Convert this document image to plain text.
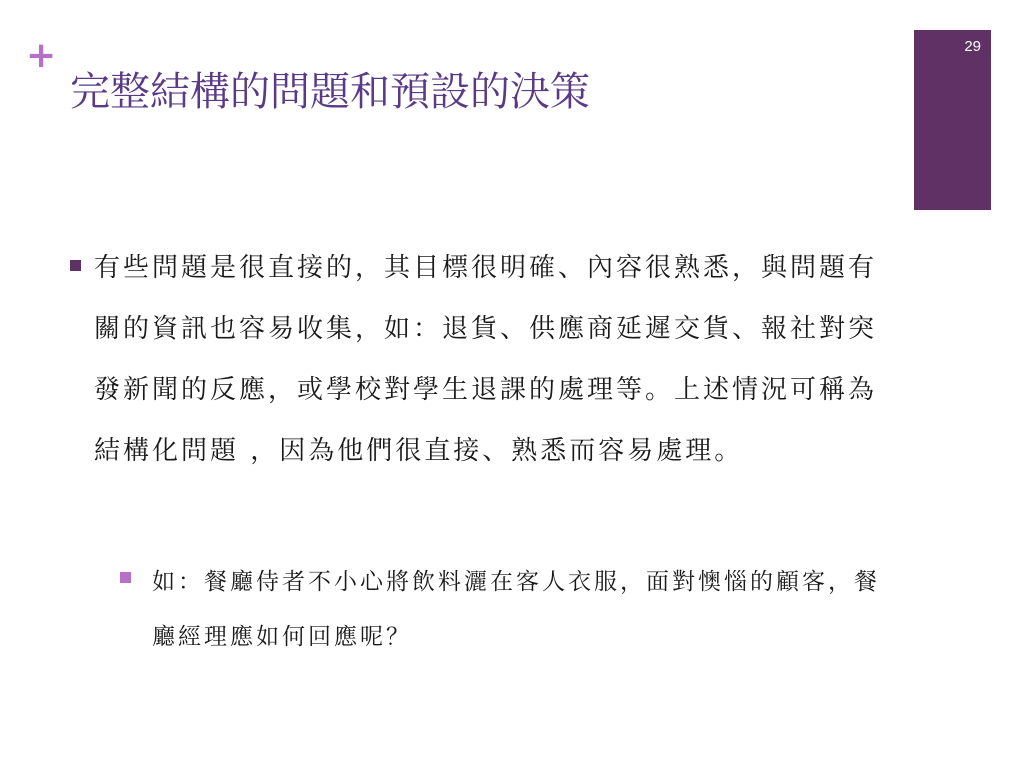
+
完整結構的問題和預設的決策
29
有些問題是很直接的，其目標很明確、內容很熟悉，與問題有關的資訊也容易收集，如：退貨、供應商延遲交貨、報社對突發新聞的反應，或學校對學生退課的處理等。上述情況可稱為結構化問題 ，因為他們很直接、熟悉而容易處理。
如：餐廳侍者不小心將飲料灑在客人衣服，面對懊惱的顧客，餐廳經理應如何回應呢？
